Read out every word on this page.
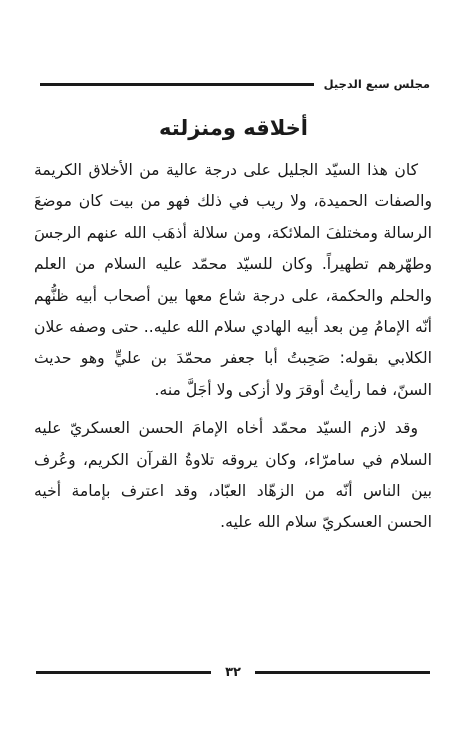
مجلس سبع الدجيل
أخلاقه ومنزلته

كان هذا السيّد الجليل على درجة عالية من الأخلاق الكريمة والصفات الحميدة، ولا ريب في ذلك فهو من بيت كان موضعَ الرسالة ومختلفَ الملائكة، ومن سلالة أذهَب الله عنهم الرجسَ وطهّرهم تطهيراً. وكان للسيّد محمّد عليه السلام من العلم والحلم والحكمة، على درجة شاع معها بين أصحاب أبيه ظنُّهم أنّه الإمامُ مِن بعد أبيه الهادي سلام الله عليه.. حتى وصفه علان الكلابي بقوله: صَحِبتُ أبا جعفر محمّدَ بن عليٍّ وهو حديث السنّ، فما رأيتُ أوقرَ ولا أزكى ولا أجَلَّ منه.

وقد لازم السيّد محمّد أخاه الإمامَ الحسن العسكريّ عليه السلام في سامرّاء، وكان يروقه تلاوةُ القرآن الكريم، وعُرف بين الناس أنّه من الزهّاد العبّاد، وقد اعترف بإمامة أخيه الحسن العسكريّ سلام الله عليه.

٣٢
